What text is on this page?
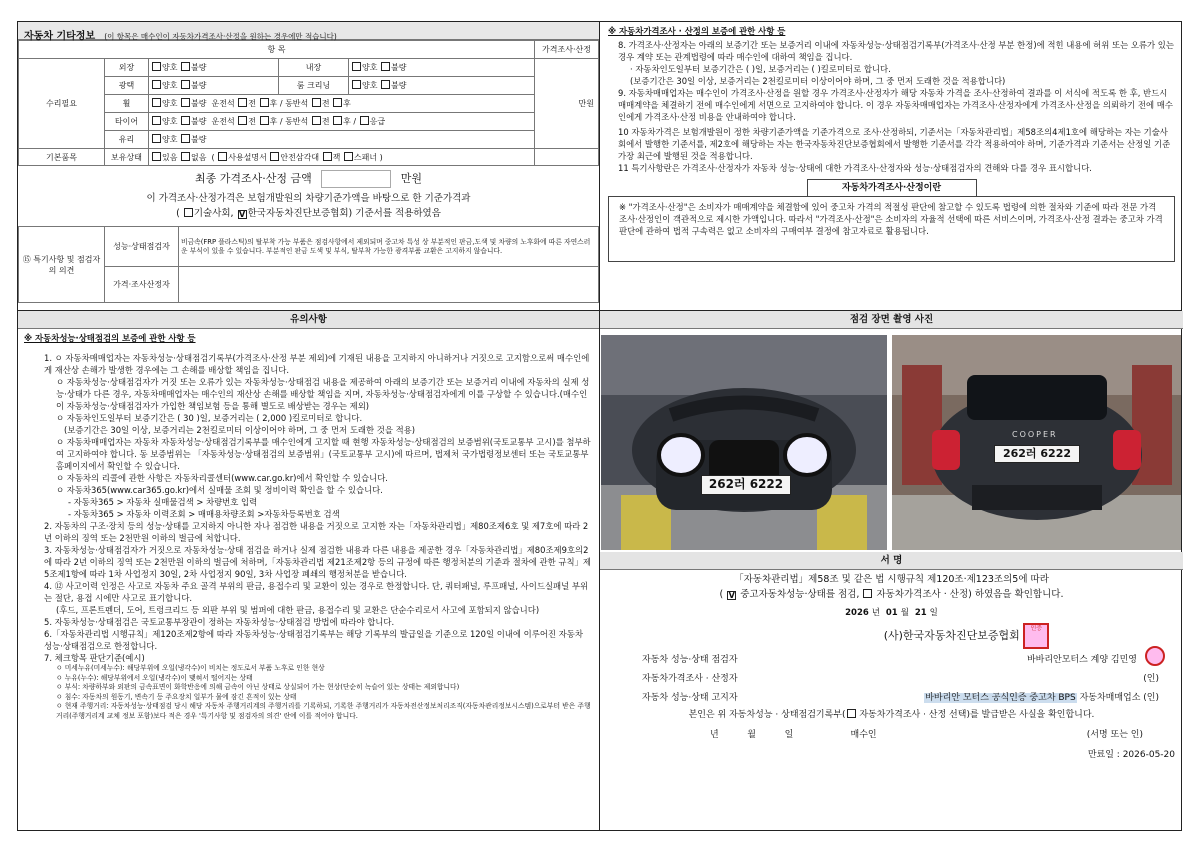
자동차 기타정보 (이 항목은 매수인이 자동차가격조사·산정을 원하는 경우에만 적습니다)
항 목					가격조사·산정
수리필요	외장	양호 불량	내장	양호 불량	만원
	광택	양호 불량	룸 크리닝	양호 불량	
	휠	양호 불량  운전석 전 후 / 동반석 전 후			
	타이어	양호 불량  운전석 전 후 / 동반석 전 후 / 응급			
	유리	양호 불량			
기본품목	보유상태	있음 없음  ( 사용설명서 안전삼각대 잭 스패너 )			
최종 가격조사·산정 금액	만원
이 가격조사·산정가격은 보험개발원의 차량기준가액을 바탕으로 한 기준가격과
( 기술사회, V 한국자동차진단보증협회) 기준서를 적용하였음
⑮ 특기사항 및 점검자의 의견	성능·상태점검자	비금속(FRP 플라스틱)의 탈부착 가능 부품은 점검사항에서 제외되며 중고차 특성 상 부분적인 판금,도색 및 차량의 노후화에 따른 자연스러운 부식이 있을 수 있습니다. 부분적인 판금 도색 및 부식, 탈부착 가능한 광격부품 교환은 고지하지 않습니다.
	가격·조사산정자	
※ 자동차가격조사 · 산정의 보증에 관한 사항 등
8. 가격조사·산정자는 아래의 보증기간 또는 보증거리 이내에 자동차성능·상태점검기록부(가격조사·산정 부분 한정)에 적힌 내용에 허위 또는 오류가 있는 경우 계약 또는 관계법령에 따라 매수인에 대하여 책임을 집니다.
· 자동차인도일부터 보증기간은 ( )일, 보증거리는 ( )킬로미터로 합니다.
(보증기간은 30일 이상, 보증거리는 2천킬로미터 이상이어야 하며, 그 중 먼저 도래한 것을 적용합니다)
9. 자동차매매업자는 매수인이 가격조사·산정을 원할 경우 가격조사·산정자가 해당 자동차 가격을 조사·산정하여 결과를 이 서식에 적도록 한 후, 반드시 매매계약을 체결하기 전에 매수인에게 서면으로 고지하여야 합니다. 이 경우 자동차매매업자는 가격조사·산정자에게 가격조사·산정을 의뢰하기 전에 매수인에게 가격조사·산정 비용을 안내하여야 합니다.
10 자동차가격은 보험개발원이 정한 차량기준가액을 기준가격으로 조사·산정하되, 기준서는「자동차관리법」제58조의4제1호에 해당하는 자는 기술사회에서 발행한 기준서를, 제2호에 해당하는 자는 한국자동차진단보증협회에서 발행한 기준서를 각각 적용하여야 하며, 기준가격과 기준서는 산정일 기준 가장 최근에 발행된 것을 적용합니다.
11 특기사항란은 가격조사·산정자가 자동차 성능·상태에 대한 가격조사·산정자와 성능·상태점검자의 견해와 다를 경우 표시합니다.
자동차가격조사·산정이란
※ "가격조사·산정"은 소비자가 매매계약을 체결함에 있어 중고차 가격의 적절성 판단에 참고할 수 있도록 법령에 의한 절차와 기준에 따라 전문 가격조사·산정인이 객관적으로 제시한 가액입니다. 따라서 "가격조사·산정"은 소비자의 자율적 선택에 따른 서비스이며, 가격조사·산정 결과는 중고차 가격판단에 관하여 법적 구속력은 없고 소비자의 구매여부 결정에 참고자료로 활용됩니다.
유의사항
※ 자동차성능·상태점검의 보증에 관한 사항 등
1. ㅇ 자동차매매업자는 자동차성능·상태점검기록부(가격조사·산정 부분 제외)에 기재된 내용을 고지하지 아니하거나 거짓으로 고지함으로써 매수인에게 재산상 손해가 발생한 경우에는 그 손해를 배상할 책임을 집니다.
ㅇ 자동차성능·상태점검자가 거짓 또는 오류가 있는 자동차성능·상태점검 내용을 제공하여 아래의 보증기간 또는 보증거리 이내에 자동차의 실제 성능·상태가 다른 경우, 자동차매매업자는 매수인의 재산상 손해를 배상할 책임을 지며, 자동차성능·상태점검자에게 이를 구상할 수 있습니다.(매수인이 자동차성능·상태점검자가 가입한 책임보험 등을 통해 별도로 배상받는 경우는 제외)
ㅇ 자동차인도일부터 보증기간은 ( 30 )일, 보증거리는 ( 2,000 )킬로미터로 합니다.
(보증기간은 30일 이상, 보증거리는 2천킬로미터 이상이어야 하며, 그 중 먼저 도래한 것을 적용)
ㅇ 자동차매매업자는 자동차 자동차성능·상태점검기록부를 매수인에게 고지할 때 현행 자동차성능·상태점검의 보증범위(국토교통부 고시)를 첨부하여 고지하여야 합니다. 동 보증범위는 「자동차성능·상태점검의 보증범위」(국토교통부 고시)에 따르며, 법제처 국가법령정보센터 또는 국토교통부 홈페이지에서 확인할 수 있습니다.
ㅇ 자동차의 리콜에 관한 사항은 자동차리콜센터(www.car.go.kr)에서 확인할 수 있습니다.
ㅇ 자동차365(www.car365.go.kr)에서 실매물 조회 및 정비이력 확인을 할 수 있습니다.
- 자동차365 > 자동차 실매물검색 > 차량번호 입력
- 자동차365 > 자동차 이력조회 > 매매용차량조회 >자동차등록번호 검색
2. 자동차의 구조·장치 등의 성능·상태를 고지하지 아니한 자나 점검한 내용을 거짓으로 고지한 자는「자동차관리법」제80조제6호 및 제7호에 따라 2년 이하의 징역 또는 2천만원 이하의 벌금에 처합니다.
3. 자동차성능·상태점검자가 거짓으로 자동차성능·상태 점검을 하거나 실제 점검한 내용과 다른 내용을 제공한 경우「자동차관리법」제80조제9호의2에 따라 2년 이하의 징역 또는 2천만원 이하의 벌금에 처하며,「자동차관리법 제21조제2항 등의 규정에 따른 행정처분의 기준과 절차에 관한 규칙」제5조제1항에 따라 1차 사업정지 30일, 2차 사업정지 90일, 3차 사업장 폐쇄의 행정처분을 받습니다.
4. ⑫ 사고이력 인정은 사고로 자동차 주요 골격 부위의 판금, 용접수리 및 교환이 있는 경우로 한정합니다. 단, 쿼터패널, 루프패널, 사이드실패널 부위는 절단, 용접 시에만 사고로 표기합니다.
(후드, 프론트펜더, 도어, 트렁크리드 등 외판 부위 및 범퍼에 대한 판금, 용접수리 및 교환은 단순수리로서 사고에 포함되지 않습니다)
5. 자동차성능·상태점검은 국토교통부장관이 정하는 자동차성능·상태점검 방법에 따라야 합니다.
6.「자동차관리법 시행규칙」제120조제2항에 따라 자동차성능·상태점검기록부는 해당 기록부의 발급일을 기준으로 120일 이내에 이루어진 자동차 성능·상태점검으로 한정합니다.
7. 체크항목 판단기준(예시)
ㅇ 미세누유(미세누수): 해당부위에 오일(냉각수)이 비치는 정도로서 부품 노후로 인한 현상
ㅇ 누유(누수): 해당부위에서 오일(냉각수)이 맺혀서 떨어지는 상태
ㅇ 부식: 차량하부와 외판의 금속표면이 화학반응에 의해 금속이 아닌 상태로 상실되어 가는 현상(단순히 녹슬어 있는 상태는 제외합니다)
ㅇ 침수: 자동차의 원동기, 변속기 등 주요장치 일부가 물에 잠긴 흔적이 있는 상태
ㅇ 현재 주행거리: 자동차성능·상태점검 당시 해당 자동차 주행거리계의 주행거리를 기록하되, 기록한 주행거리가 자동차전산정보처리조직(자동차관리정보시스템)으로부터 받은 주행거리(주행거리계 교체 정보 포함)보다 적은 경우 '특기사항 및 점검자의 의견' 란에 이를 적어야 합니다.
점검 장면 촬영 사진
262러 6222
COOPER
262러 6222
서 명
「자동차관리법」제58조 및 같은 법 시행규칙 제120조·제123조의5에 따라
( V 중고자동차성능·상태를 점검,  자동차가격조사 · 산정) 하였음을 확인합니다.
2026 년 01 월 21 일
(사)한국자동차진단보증협회 인증
자동차 성능·상태 점검자	바바리안모터스 계양 김민영
자동차가격조사 · 산정자	(인)
자동차 성능·상태 고지자	바바리안 모터스 공식인증 중고차 BPS 자동차매매업소 (인)
본인은 위 자동차성능 · 상태점검기록부( 자동차가격조사 · 산정 선택)를 발급받은 사실을 확인합니다.
년          월          일                    매수인	(서명 또는 인)
만료일 : 2026-05-20
